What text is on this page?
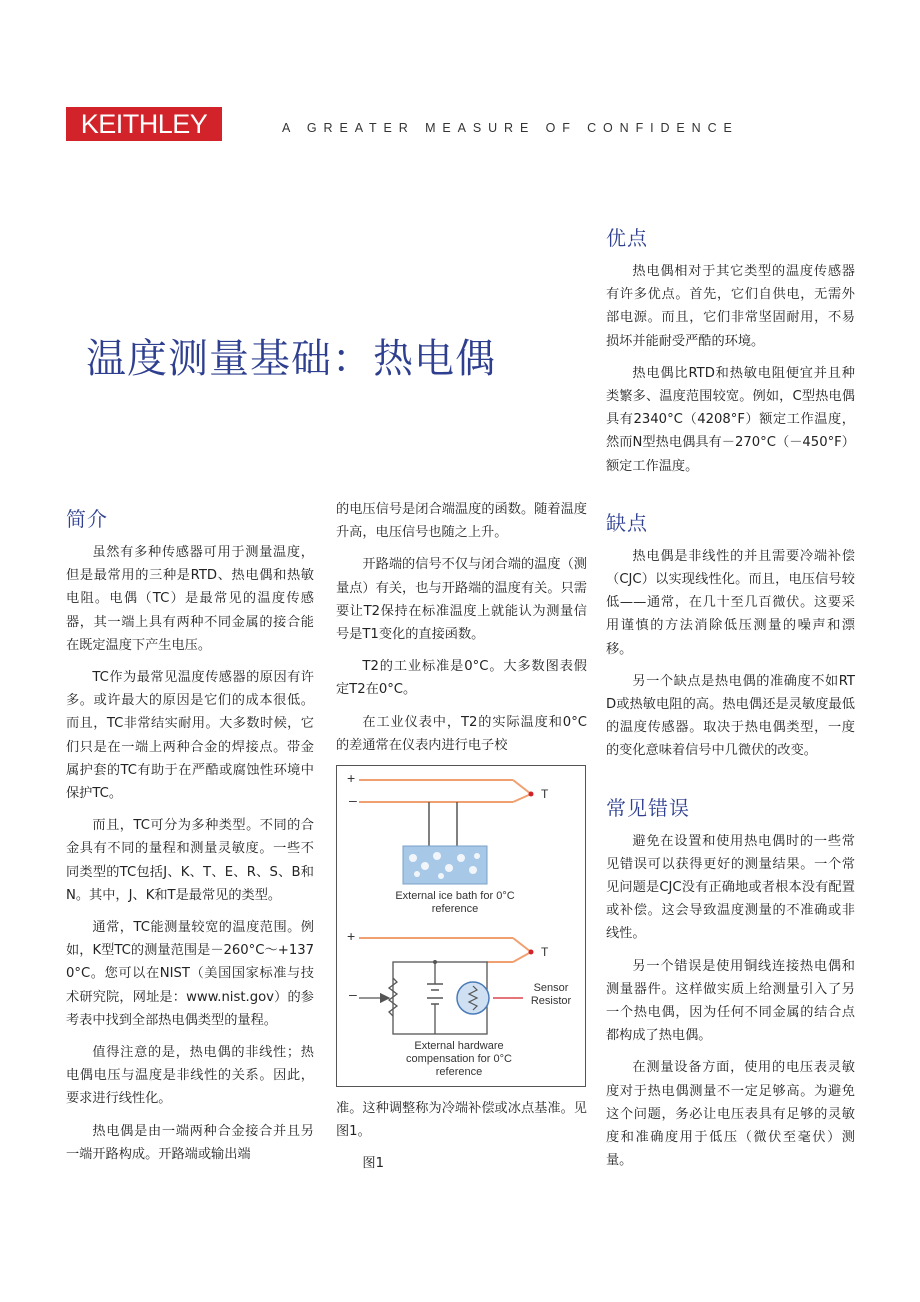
KEITHLEY	A GREATER MEASURE OF CONFIDENCE
温度测量基础：热电偶
简介

虽然有多种传感器可用于测量温度，但是最常用的三种是RTD、热电偶和热敏电阻。电偶（TC）是最常见的温度传感器，其一端上具有两种不同金属的接合能在既定温度下产生电压。

TC作为最常见温度传感器的原因有许多。或许最大的原因是它们的成本很低。而且，TC非常结实耐用。大多数时候，它们只是在一端上两种合金的焊接点。带金属护套的TC有助于在严酷或腐蚀性环境中保护TC。

而且，TC可分为多种类型。不同的合金具有不同的量程和测量灵敏度。一些不同类型的TC包括J、K、T、E、R、S、B和N。其中，J、K和T是最常见的类型。

通常，TC能测量较宽的温度范围。例如，K型TC的测量范围是－260°C～+1370°C。您可以在NIST（美国国家标准与技术研究院，网址是：www.nist.gov）的参考表中找到全部热电偶类型的量程。

值得注意的是，热电偶的非线性；热电偶电压与温度是非线性的关系。因此，要求进行线性化。

热电偶是由一端两种合金接合并且另一端开路构成。开路端或输出端

的电压信号是闭合端温度的函数。随着温度升高，电压信号也随之上升。

开路端的信号不仅与闭合端的温度（测量点）有关，也与开路端的温度有关。只需要让T2保持在标准温度上就能认为测量信号是T1变化的直接函数。

T2的工业标准是0°C。大多数图表假定T2在0°C。

在工业仪表中，T2的实际温度和0°C的差通常在仪表内进行电子校

+
–	T
External ice bath for 0°C reference
+
–
T
Sensor Resistor
External hardware compensation for 0°C reference

准。这种调整称为冷端补偿或冰点基准。见图1。

图1

优点

热电偶相对于其它类型的温度传感器有许多优点。首先，它们自供电，无需外部电源。而且，它们非常坚固耐用，不易损坏并能耐受严酷的环境。

热电偶比RTD和热敏电阻便宜并且种类繁多、温度范围较宽。例如，C型热电偶具有2340°C（4208°F）额定工作温度，然而N型热电偶具有－270°C（－450°F）额定工作温度。

缺点

热电偶是非线性的并且需要冷端补偿（CJC）以实现线性化。而且，电压信号较低——通常，在几十至几百微伏。这要采用谨慎的方法消除低压测量的噪声和漂移。

另一个缺点是热电偶的准确度不如RTD或热敏电阻的高。热电偶还是灵敏度最低的温度传感器。取决于热电偶类型，一度的变化意味着信号中几微伏的改变。

常见错误

避免在设置和使用热电偶时的一些常见错误可以获得更好的测量结果。一个常见问题是CJC没有正确地或者根本没有配置或补偿。这会导致温度测量的不准确或非线性。

另一个错误是使用铜线连接热电偶和测量器件。这样做实质上给测量引入了另一个热电偶，因为任何不同金属的结合点都构成了热电偶。

在测量设备方面，使用的电压表灵敏度对于热电偶测量不一定足够高。为避免这个问题，务必让电压表具有足够的灵敏度和准确度用于低压（微伏至毫伏）测量。
